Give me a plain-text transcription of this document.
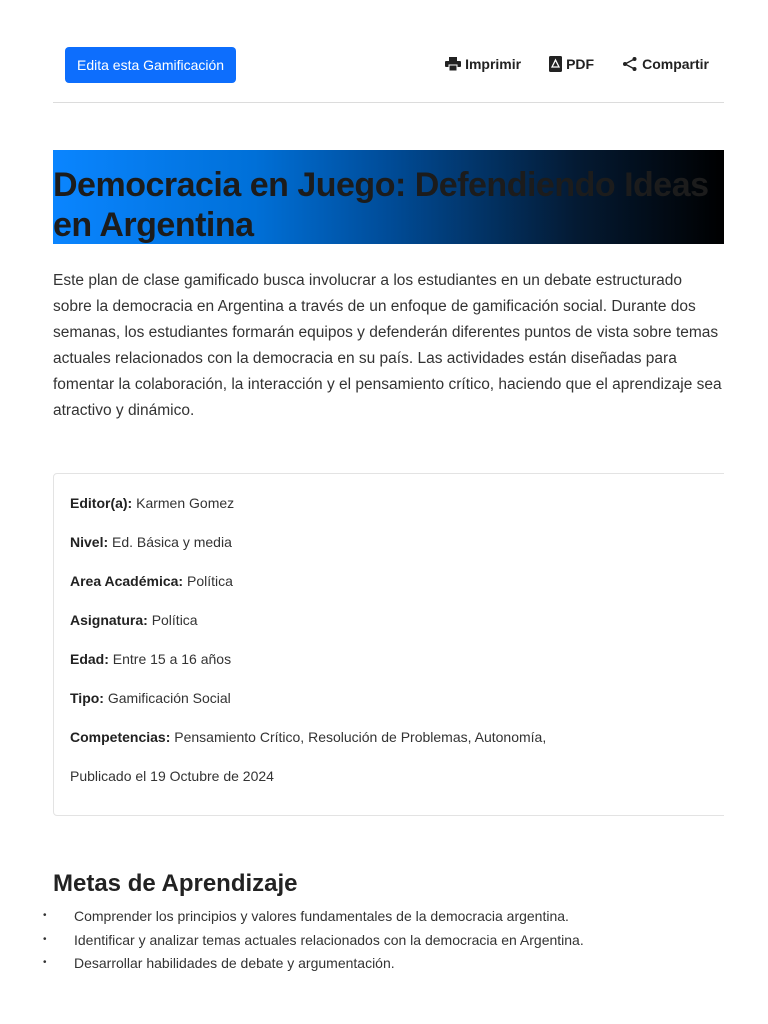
Edita esta Gamificación	Imprimir	PDF	Compartir
Democracia en Juego: Defendiendo Ideas en Argentina

Este plan de clase gamificado busca involucrar a los estudiantes en un debate estructurado sobre la democracia en Argentina a través de un enfoque de gamificación social. Durante dos semanas, los estudiantes formarán equipos y defenderán diferentes puntos de vista sobre temas actuales relacionados con la democracia en su país. Las actividades están diseñadas para fomentar la colaboración, la interacción y el pensamiento crítico, haciendo que el aprendizaje sea atractivo y dinámico.

Editor(a): Karmen Gomez
Nivel: Ed. Básica y media
Area Académica: Política
Asignatura: Política
Edad: Entre 15 a 16 años
Tipo: Gamificación Social
Competencias: Pensamiento Crítico, Resolución de Problemas, Autonomía,
Publicado el 19 Octubre de 2024
Metas de Aprendizaje
• Comprender los principios y valores fundamentales de la democracia argentina.
• Identificar y analizar temas actuales relacionados con la democracia en Argentina.
• Desarrollar habilidades de debate y argumentación.
